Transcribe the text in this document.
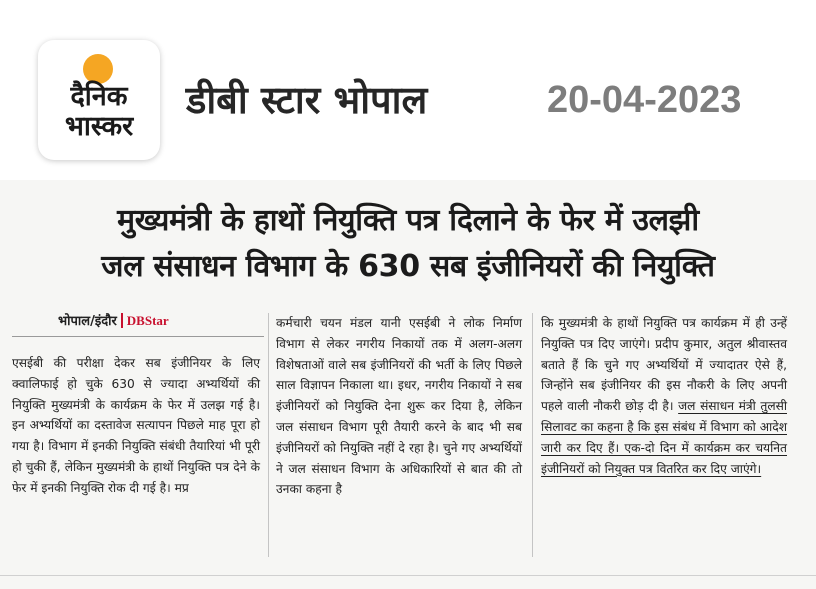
दैनिक
भास्कर
डीबी स्टार भोपाल	20-04-2023
मुख्यमंत्री के हाथों नियुक्ति पत्र दिलाने के फेर में उलझी
जल संसाधन विभाग के 630 सब इंजीनियरों की नियुक्ति
भोपाल/इंदौर DBStar
एसईबी की परीक्षा देकर सब इंजीनियर के लिए क्वालिफाई हो चुके 630 से ज्यादा अभ्यर्थियों की नियुक्ति मुख्यमंत्री के कार्यक्रम के फेर में उलझ गई है। इन अभ्यर्थियों का दस्तावेज सत्यापन पिछले माह पूरा हो गया है। विभाग में इनकी नियुक्ति संबंधी तैयारियां भी पूरी हो चुकी हैं, लेकिन मुख्यमंत्री के हाथों नियुक्ति पत्र देने के फेर में इनकी नियुक्ति रोक दी गई है। मप्र
कर्मचारी चयन मंडल यानी एसईबी ने लोक निर्माण विभाग से लेकर नगरीय निकायों तक में अलग-अलग विशेषताओं वाले सब इंजीनियरों की भर्ती के लिए पिछले साल विज्ञापन निकाला था। इधर, नगरीय निकायों ने सब इंजीनियरों को नियुक्ति देना शुरू कर दिया है, लेकिन जल संसाधन विभाग पूरी तैयारी करने के बाद भी सब इंजीनियरों को नियुक्ति नहीं दे रहा है। चुने गए अभ्यर्थियों ने जल संसाधन विभाग के अधिकारियों से बात की तो उनका कहना है
कि मुख्यमंत्री के हाथों नियुक्ति पत्र कार्यक्रम में ही उन्हें नियुक्ति पत्र दिए जाएंगे। प्रदीप कुमार, अतुल श्रीवास्तव बताते हैं कि चुने गए अभ्यर्थियों में ज्यादातर ऐसे हैं, जिन्होंने सब इंजीनियर की इस नौकरी के लिए अपनी पहले वाली नौकरी छोड़ दी है। जल संसाधन मंत्री तुलसी सिलावट का कहना है कि इस संबंध में विभाग को आदेश जारी कर दिए हैं। एक-दो दिन में कार्यक्रम कर चयनित इंजीनियरों को नियुक्त पत्र वितरित कर दिए जाएंगे।
